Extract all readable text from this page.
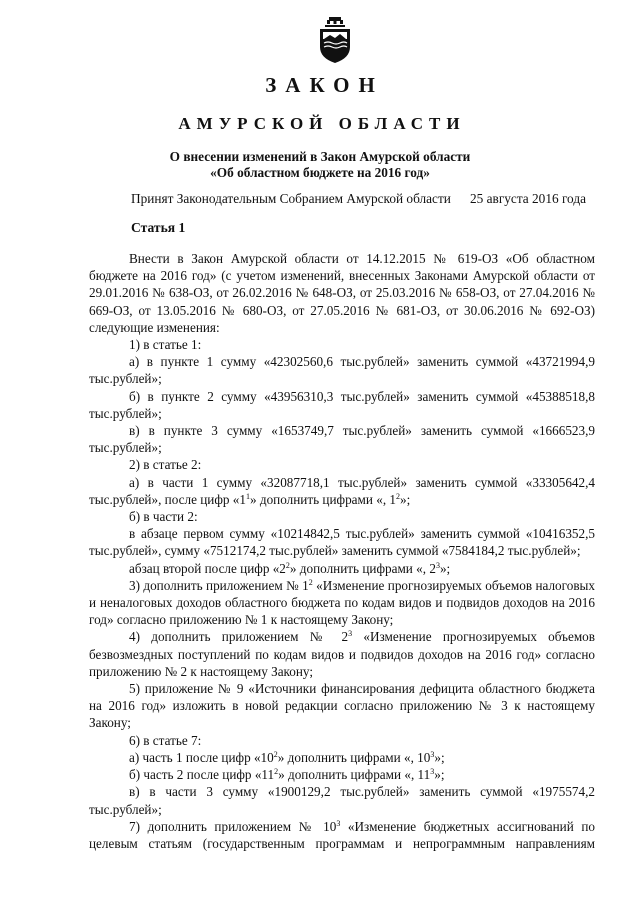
ЗАКОН
АМУРСКОЙ ОБЛАСТИ
О внесении изменений в Закон Амурской области
«Об областном бюджете на 2016 год»
Принят Законодательным Собранием Амурской области 25 августа 2016 года
Статья 1

Внести в Закон Амурской области от 14.12.2015 № 619-ОЗ «Об областном бюджете на 2016 год» (с учетом изменений, внесенных Законами Амурской области от 29.01.2016 № 638-ОЗ, от 26.02.2016 № 648-ОЗ, от 25.03.2016 № 658-ОЗ, от 27.04.2016 № 669-ОЗ, от 13.05.2016 № 680-ОЗ, от 27.05.2016 № 681-ОЗ, от 30.06.2016 № 692-ОЗ) следующие изменения:

1) в статье 1:

а) в пункте 1 сумму «42302560,6 тыс.рублей» заменить суммой «43721994,9 тыс.рублей»;

б) в пункте 2 сумму «43956310,3 тыс.рублей» заменить суммой «45388518,8 тыс.рублей»;

в) в пункте 3 сумму «1653749,7 тыс.рублей» заменить суммой «1666523,9 тыс.рублей»;

2) в статье 2:

а) в части 1 сумму «32087718,1 тыс.рублей» заменить суммой «33305642,4 тыс.рублей», после цифр «$1^1$» дополнить цифрами «, $1^2$»;

б) в части 2:

в абзаце первом сумму «10214842,5 тыс.рублей» заменить суммой «10416352,5 тыс.рублей», сумму «7512174,2 тыс.рублей» заменить суммой «7584184,2 тыс.рублей»;

абзац второй после цифр «$2^2$» дополнить цифрами «, $2^3$»;

3) дополнить приложением № $1^2$ «Изменение прогнозируемых объемов налоговых и неналоговых доходов областного бюджета по кодам видов и подвидов доходов на 2016 год» согласно приложению № 1 к настоящему Закону;

4) дополнить приложением № $2^3$ «Изменение прогнозируемых объемов безвозмездных поступлений по кодам видов и подвидов доходов на 2016 год» согласно приложению № 2 к настоящему Закону;

5) приложение № 9 «Источники финансирования дефицита областного бюджета на 2016 год» изложить в новой редакции согласно приложению № 3 к настоящему Закону;

6) в статье 7:

а) часть 1 после цифр «$10^2$» дополнить цифрами «, $10^3$»;

б) часть 2 после цифр «$11^2$» дополнить цифрами «, $11^3$»;

в) в части 3 сумму «1900129,2 тыс.рублей» заменить суммой «1975574,2 тыс.рублей»;

7) дополнить приложением № $10^3$ «Изменение бюджетных ассигнований по целевым статьям (государственным программам и непрограммным направлениям
